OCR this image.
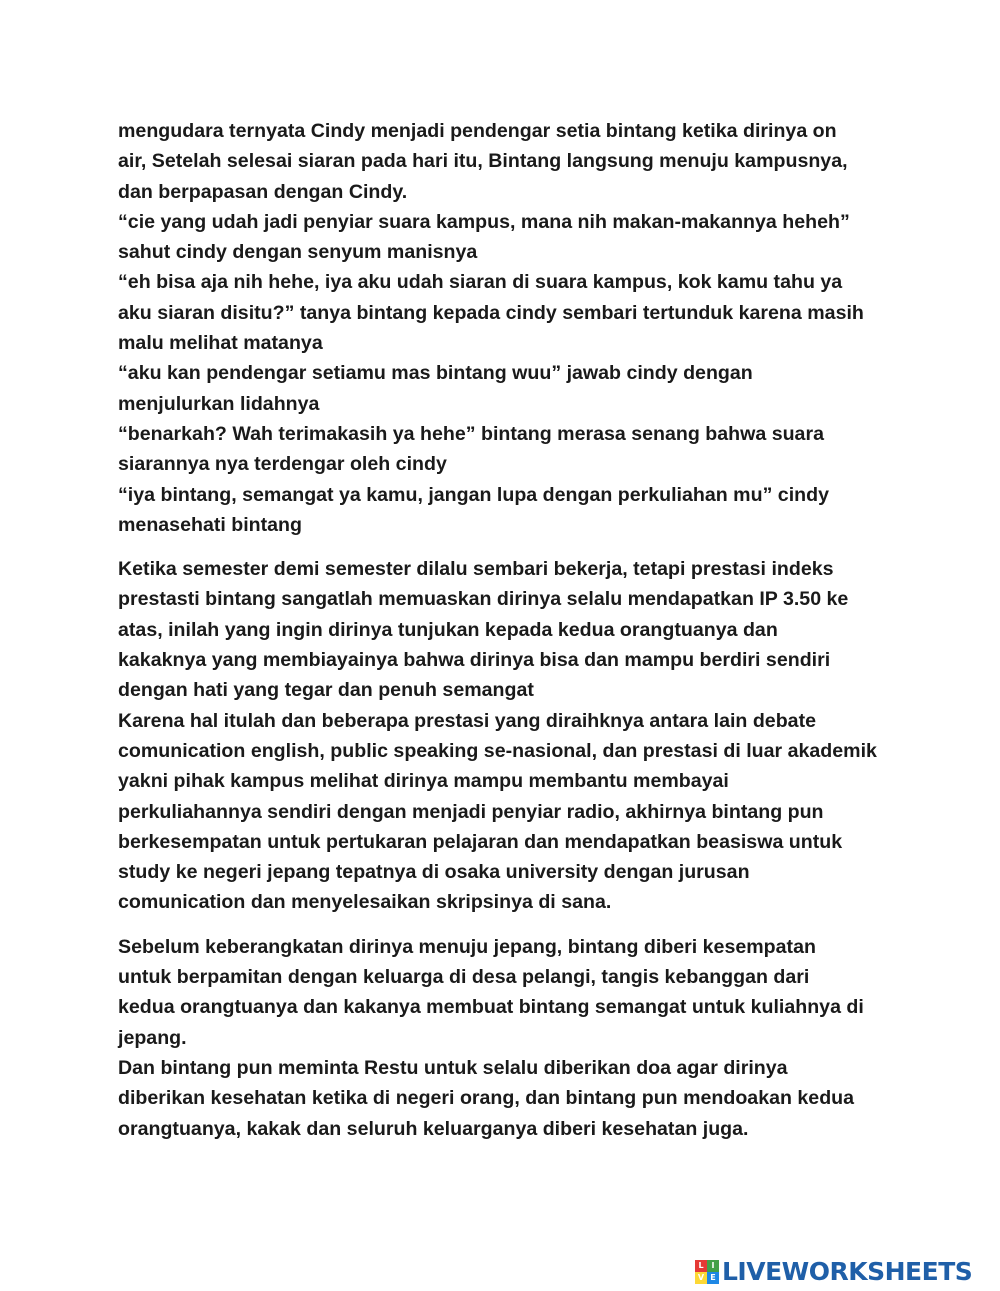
mengudara ternyata Cindy menjadi pendengar setia bintang ketika dirinya on
air, Setelah selesai siaran pada hari itu, Bintang langsung menuju kampusnya,
dan berpapasan dengan Cindy.
“cie yang udah jadi penyiar suara kampus, mana nih makan-makannya heheh”
sahut cindy dengan senyum manisnya
“eh bisa aja nih hehe, iya aku udah siaran di suara kampus, kok kamu tahu ya
aku siaran disitu?” tanya bintang kepada cindy sembari tertunduk karena masih
malu melihat matanya
“aku kan pendengar setiamu mas bintang wuu” jawab cindy dengan
menjulurkan lidahnya
“benarkah? Wah terimakasih ya hehe” bintang merasa senang bahwa suara
siarannya nya terdengar oleh cindy
“iya bintang, semangat ya kamu, jangan lupa dengan perkuliahan mu” cindy
menasehati bintang
Ketika semester demi semester dilalu sembari bekerja, tetapi prestasi indeks
prestasti bintang sangatlah memuaskan dirinya selalu mendapatkan IP 3.50 ke
atas, inilah yang ingin dirinya tunjukan kepada kedua orangtuanya dan
kakaknya yang membiayainya bahwa dirinya bisa dan mampu berdiri sendiri
dengan hati yang tegar dan penuh semangat
Karena hal itulah dan beberapa prestasi yang diraihknya antara lain debate
comunication english, public speaking se-nasional, dan prestasi di luar akademik
yakni pihak kampus melihat dirinya mampu membantu membayai
perkuliahannya sendiri dengan menjadi penyiar radio, akhirnya bintang pun
berkesempatan untuk pertukaran pelajaran dan mendapatkan beasiswa untuk
study ke negeri jepang tepatnya di osaka university dengan jurusan
comunication dan menyelesaikan skripsinya di sana.
Sebelum keberangkatan dirinya menuju jepang, bintang diberi kesempatan
untuk berpamitan dengan keluarga di desa pelangi, tangis kebanggan dari
kedua orangtuanya dan kakanya membuat bintang semangat untuk kuliahnya di
jepang.
Dan bintang pun meminta Restu untuk selalu diberikan doa agar dirinya
diberikan kesehatan ketika di negeri orang, dan bintang pun mendoakan kedua
orangtuanya, kakak dan seluruh keluarganya diberi kesehatan juga.
L I
V E LIVEWORKSHEETS
